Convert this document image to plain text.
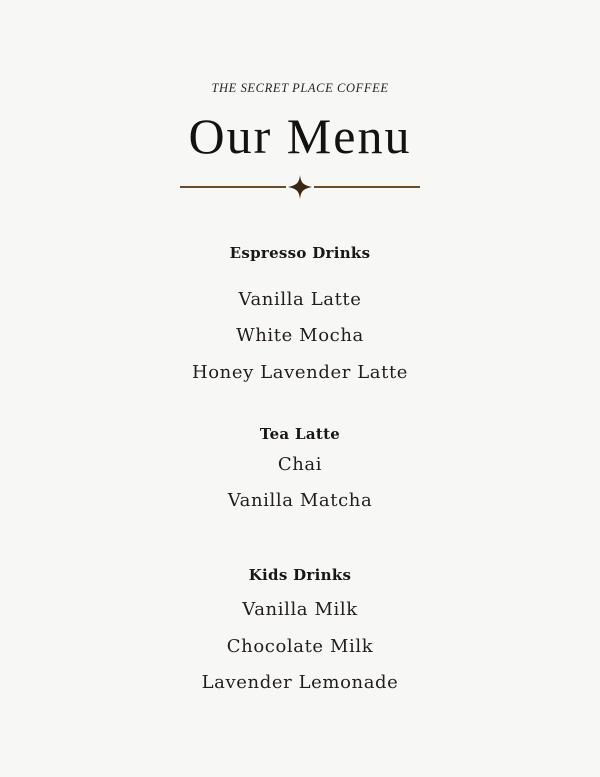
THE SECRET PLACE COFFEE
Our Menu
Espresso Drinks
Vanilla Latte
White Mocha
Honey Lavender Latte
Tea Latte
Chai
Vanilla Matcha
Kids Drinks
Vanilla Milk
Chocolate Milk
Lavender Lemonade
